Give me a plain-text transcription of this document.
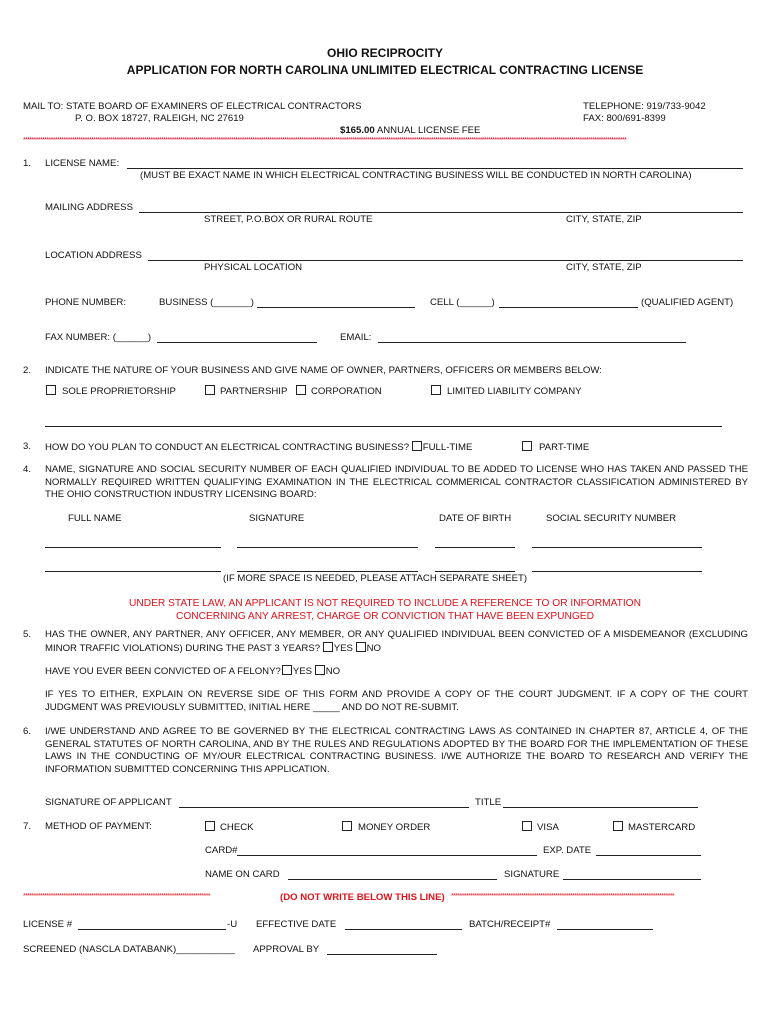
OHIO RECIPROCITY
APPLICATION FOR NORTH CAROLINA UNLIMITED ELECTRICAL CONTRACTING LICENSE
MAIL TO: STATE BOARD OF EXAMINERS OF ELECTRICAL CONTRACTORS
P. O. BOX 18727, RALEIGH, NC 27619
TELEPHONE: 919/733-9042
FAX: 800/691-8399
$165.00 ANNUAL LICENSE FEE
********************************************************************************************************************************************************************************************************************************************************************************************
1. LICENSE NAME:
(MUST BE EXACT NAME IN WHICH ELECTRICAL CONTRACTING BUSINESS WILL BE CONDUCTED IN NORTH CAROLINA)
MAILING ADDRESS
STREET, P.O.BOX OR RURAL ROUTE	CITY, STATE, ZIP
LOCATION ADDRESS
PHYSICAL LOCATION	CITY, STATE, ZIP
PHONE NUMBER:	BUSINESS (_______)	CELL (______)	(QUALIFIED AGENT)
FAX NUMBER: (______)	EMAIL:
2. INDICATE THE NATURE OF YOUR BUSINESS AND GIVE NAME OF OWNER, PARTNERS, OFFICERS OR MEMBERS BELOW:
SOLE PROPRIETORSHIP	PARTNERSHIP	CORPORATION	LIMITED LIABILITY COMPANY
3. HOW DO YOU PLAN TO CONDUCT AN ELECTRICAL CONTRACTING BUSINESS? FULL-TIME	PART-TIME
4. NAME, SIGNATURE AND SOCIAL SECURITY NUMBER OF EACH QUALIFIED INDIVIDUAL TO BE ADDED TO LICENSE WHO HAS TAKEN AND PASSED THE NORMALLY REQUIRED WRITTEN QUALIFYING EXAMINATION IN THE ELECTRICAL COMMERICAL CONTRACTOR CLASSIFICATION ADMINISTERED BY THE OHIO CONSTRUCTION INDUSTRY LICENSING BOARD:
FULL NAME	SIGNATURE	DATE OF BIRTH	SOCIAL SECURITY NUMBER
(IF MORE SPACE IS NEEDED, PLEASE ATTACH SEPARATE SHEET)
UNDER STATE LAW, AN APPLICANT IS NOT REQUIRED TO INCLUDE A REFERENCE TO OR INFORMATION
CONCERNING ANY ARREST, CHARGE OR CONVICTION THAT HAVE BEEN EXPUNGED
5. HAS THE OWNER, ANY PARTNER, ANY OFFICER, ANY MEMBER, OR ANY QUALIFIED INDIVIDUAL BEEN CONVICTED OF A MISDEMEANOR (EXCLUDING MINOR TRAFFIC VIOLATIONS) DURING THE PAST 3 YEARS? YES NO
HAVE YOU EVER BEEN CONVICTED OF A FELONY? YES NO
IF YES TO EITHER, EXPLAIN ON REVERSE SIDE OF THIS FORM AND PROVIDE A COPY OF THE COURT JUDGMENT. IF A COPY OF THE COURT JUDGMENT WAS PREVIOUSLY SUBMITTED, INITIAL HERE _____ AND DO NOT RE-SUBMIT.
6. I/WE UNDERSTAND AND AGREE TO BE GOVERNED BY THE ELECTRICAL CONTRACTING LAWS AS CONTAINED IN CHAPTER 87, ARTICLE 4, OF THE GENERAL STATUTES OF NORTH CAROLINA, AND BY THE RULES AND REGULATIONS ADOPTED BY THE BOARD FOR THE IMPLEMENTATION OF THESE LAWS IN THE CONDUCTING OF MY/OUR ELECTRICAL CONTRACTING BUSINESS. I/WE AUTHORIZE THE BOARD TO RESEARCH AND VERIFY THE INFORMATION SUBMITTED CONCERNING THIS APPLICATION.
SIGNATURE OF APPLICANT	TITLE
7. METHOD OF PAYMENT:	CHECK	MONEY ORDER	VISA	MASTERCARD
CARD#	EXP. DATE
NAME ON CARD	SIGNATURE
****************************************************************************************	(DO NOT WRITE BELOW THIS LINE) *********************************************************************************************************
LICENSE #	-U EFFECTIVE DATE	BATCH/RECEIPT#
SCREENED (NASCLA DATABANK)___________ APPROVAL BY
